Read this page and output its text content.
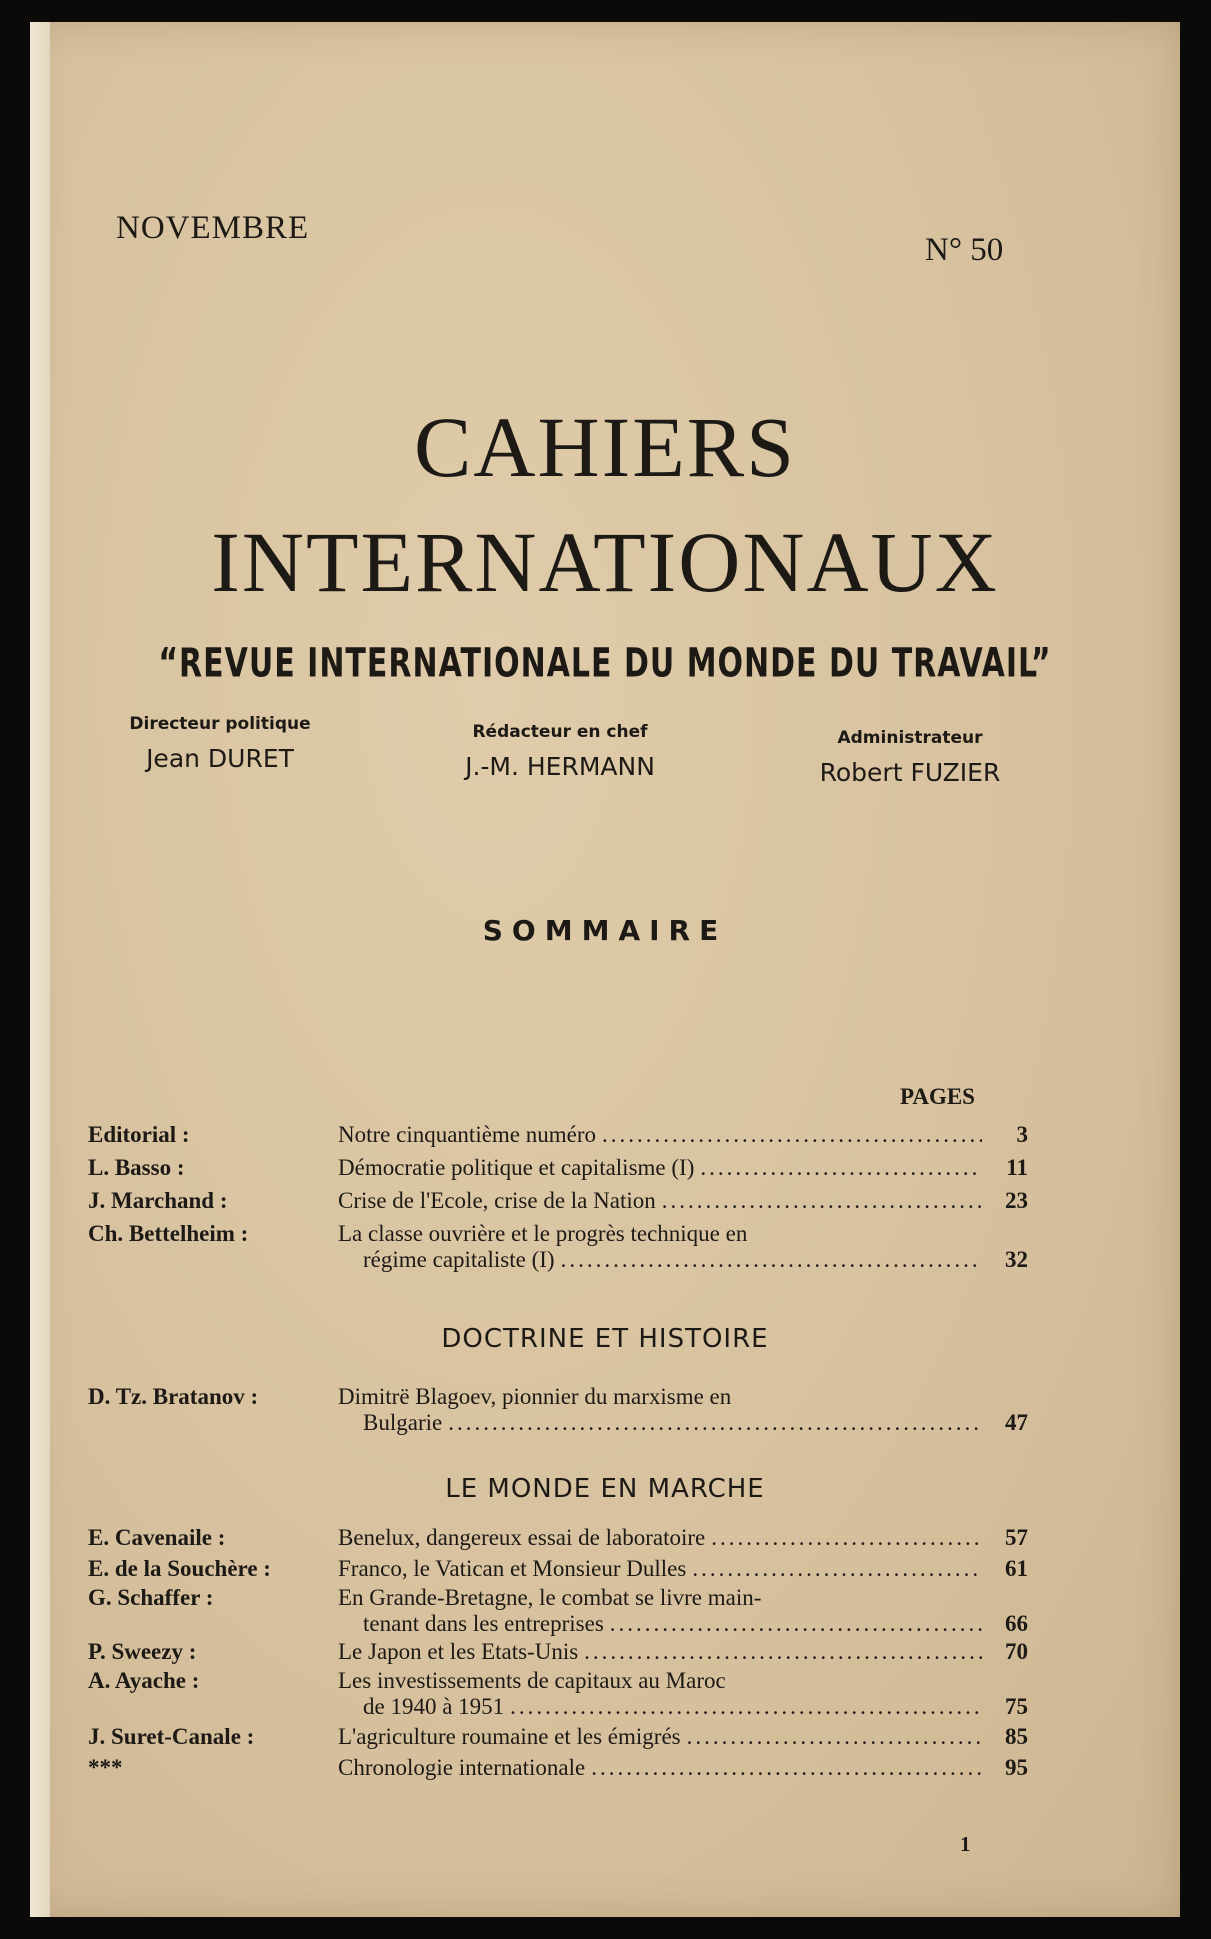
NOVEMBRE

N° 50

CAHIERS
INTERNATIONAUX

“REVUE INTERNATIONALE DU MONDE DU TRAVAIL”

Directeur politique
Jean DURET
Rédacteur en chef
J.-M. HERMANN
Administrateur
Robert FUZIER

SOMMAIRE

PAGES

Editorial :	Notre cinquantième numéro .....	3
L. Basso :	Démocratie politique et capitalisme (I) .....	11
J. Marchand :	Crise de l'Ecole, crise de la Nation .....	23
Ch. Bettelheim :	La classe ouvrière et le progrès technique en
régime capitaliste (I) .....	32

DOCTRINE ET HISTOIRE

D. Tz. Bratanov :	Dimitrë Blagoev, pionnier du marxisme en
Bulgarie .....	47

LE MONDE EN MARCHE

E. Cavenaile :	Benelux, dangereux essai de laboratoire .....	57
E. de la Souchère :	Franco, le Vatican et Monsieur Dulles .....	61
G. Schaffer :	En Grande-Bretagne, le combat se livre main-
tenant dans les entreprises .....	66
P. Sweezy :	Le Japon et les Etats-Unis .....	70
A. Ayache :	Les investissements de capitaux au Maroc
de 1940 à 1951 .....	75
J. Suret-Canale :	L'agriculture roumaine et les émigrés .....	85
***	Chronologie internationale .....	95

1
